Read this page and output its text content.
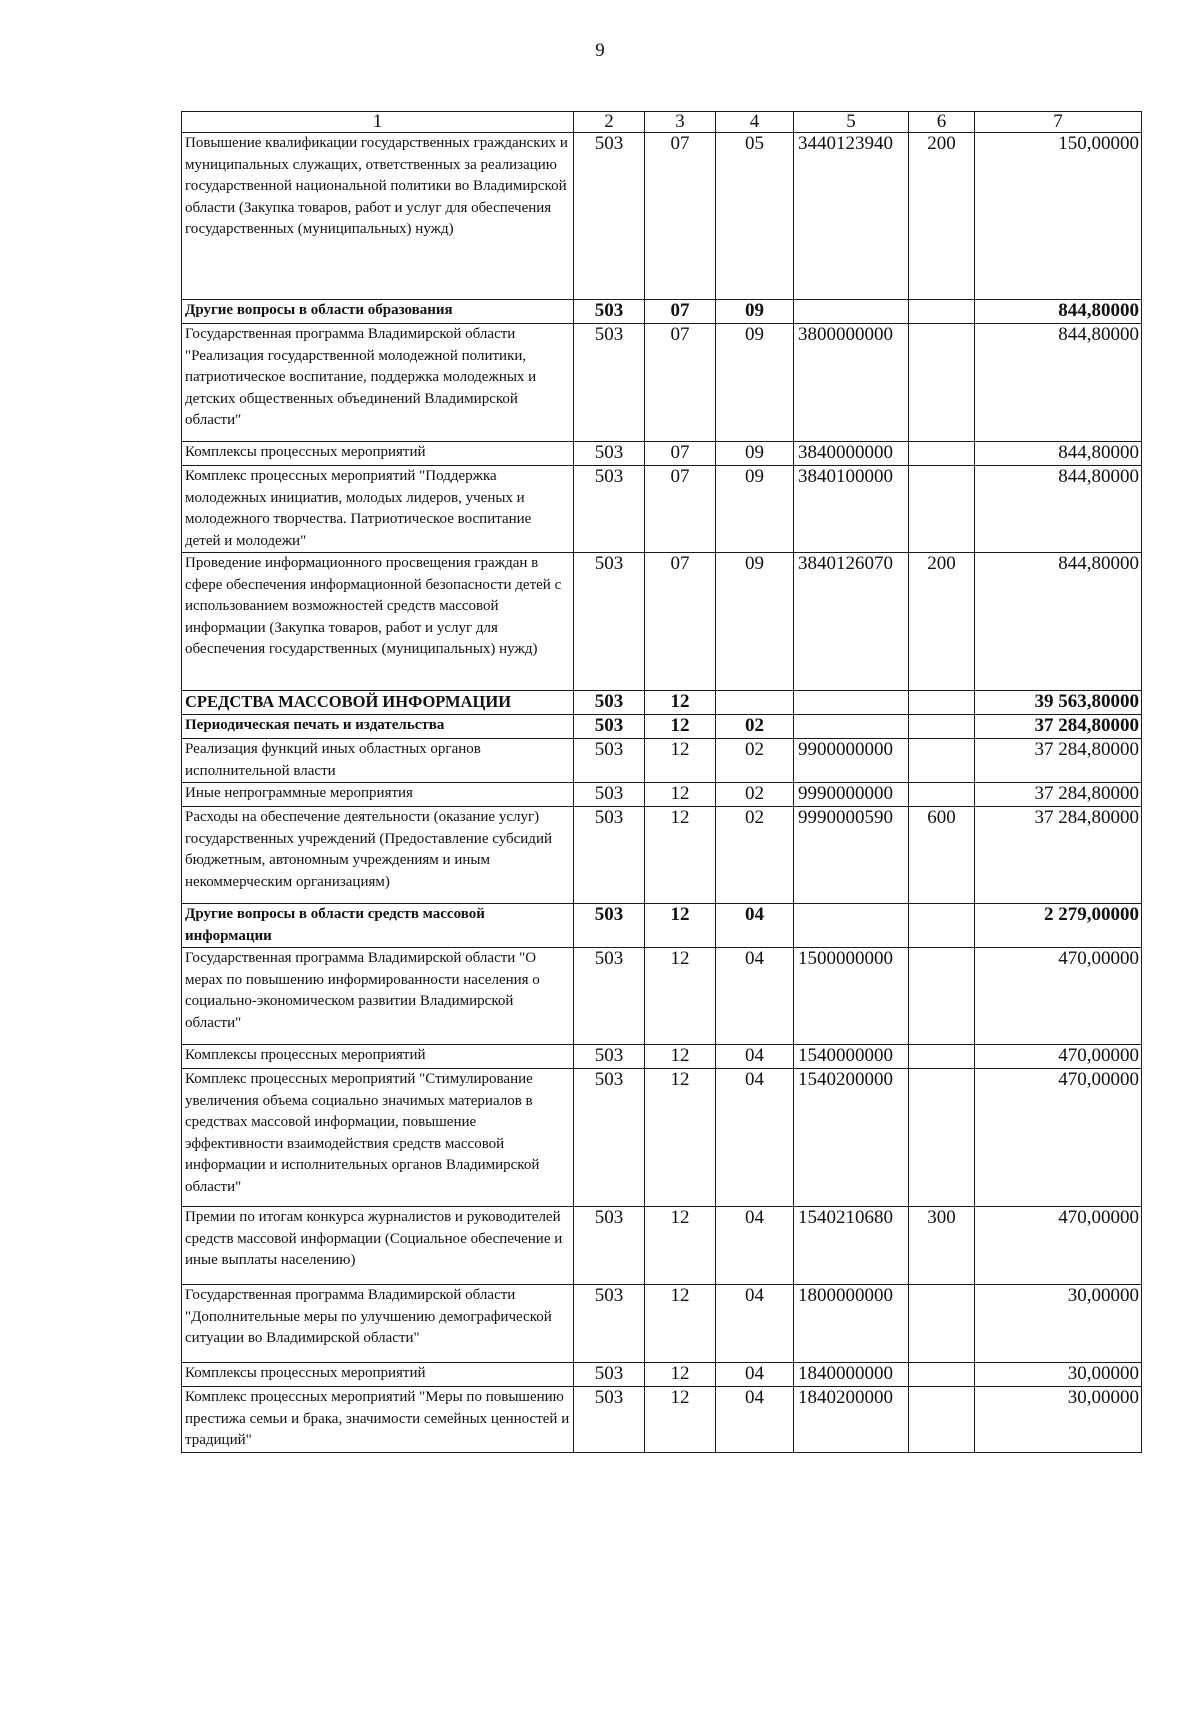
9
1	2	3	4	5	6	7
Повышение квалификации государственных гражданских и муниципальных служащих, ответственных за реализацию государственной национальной политики во Владимирской области (Закупка товаров, работ и услуг для обеспечения государственных (муниципальных) нужд)	503	07	05	3440123940	200	150,00000
Другие вопросы в области образования	503	07	09			844,80000
Государственная программа Владимирской области "Реализация государственной молодежной политики, патриотическое воспитание, поддержка молодежных и детских общественных объединений Владимирской области"	503	07	09	3800000000		844,80000
Комплексы процессных мероприятий	503	07	09	3840000000		844,80000
Комплекс процессных мероприятий "Поддержка молодежных инициатив, молодых лидеров, ученых и молодежного творчества. Патриотическое воспитание детей и молодежи"	503	07	09	3840100000		844,80000
Проведение информационного просвещения граждан в сфере обеспечения информационной безопасности детей с использованием возможностей средств массовой информации (Закупка товаров, работ и услуг для обеспечения государственных (муниципальных) нужд)	503	07	09	3840126070	200	844,80000
СРЕДСТВА МАССОВОЙ ИНФОРМАЦИИ	503	12				39 563,80000
Периодическая печать и издательства	503	12	02			37 284,80000
Реализация функций иных областных органов исполнительной власти	503	12	02	9900000000		37 284,80000
Иные непрограммные мероприятия	503	12	02	9990000000		37 284,80000
Расходы на обеспечение деятельности (оказание услуг) государственных учреждений (Предоставление субсидий бюджетным, автономным учреждениям и иным некоммерческим организациям)	503	12	02	9990000590	600	37 284,80000
Другие вопросы в области средств массовой информации	503	12	04			2 279,00000
Государственная программа Владимирской области "О мерах по повышению информированности населения о социально-экономическом развитии Владимирской области"	503	12	04	1500000000		470,00000
Комплексы процессных мероприятий	503	12	04	1540000000		470,00000
Комплекс процессных мероприятий "Стимулирование увеличения объема социально значимых материалов в средствах массовой информации, повышение эффективности взаимодействия средств массовой информации и исполнительных органов Владимирской области"	503	12	04	1540200000		470,00000
Премии по итогам конкурса журналистов и руководителей средств массовой информации (Социальное обеспечение и иные выплаты населению)	503	12	04	1540210680	300	470,00000
Государственная программа Владимирской области "Дополнительные меры по улучшению демографической ситуации во Владимирской области"	503	12	04	1800000000		30,00000
Комплексы процессных мероприятий	503	12	04	1840000000		30,00000
Комплекс процессных мероприятий "Меры по повышению престижа семьи и брака, значимости семейных ценностей и традиций"	503	12	04	1840200000		30,00000
